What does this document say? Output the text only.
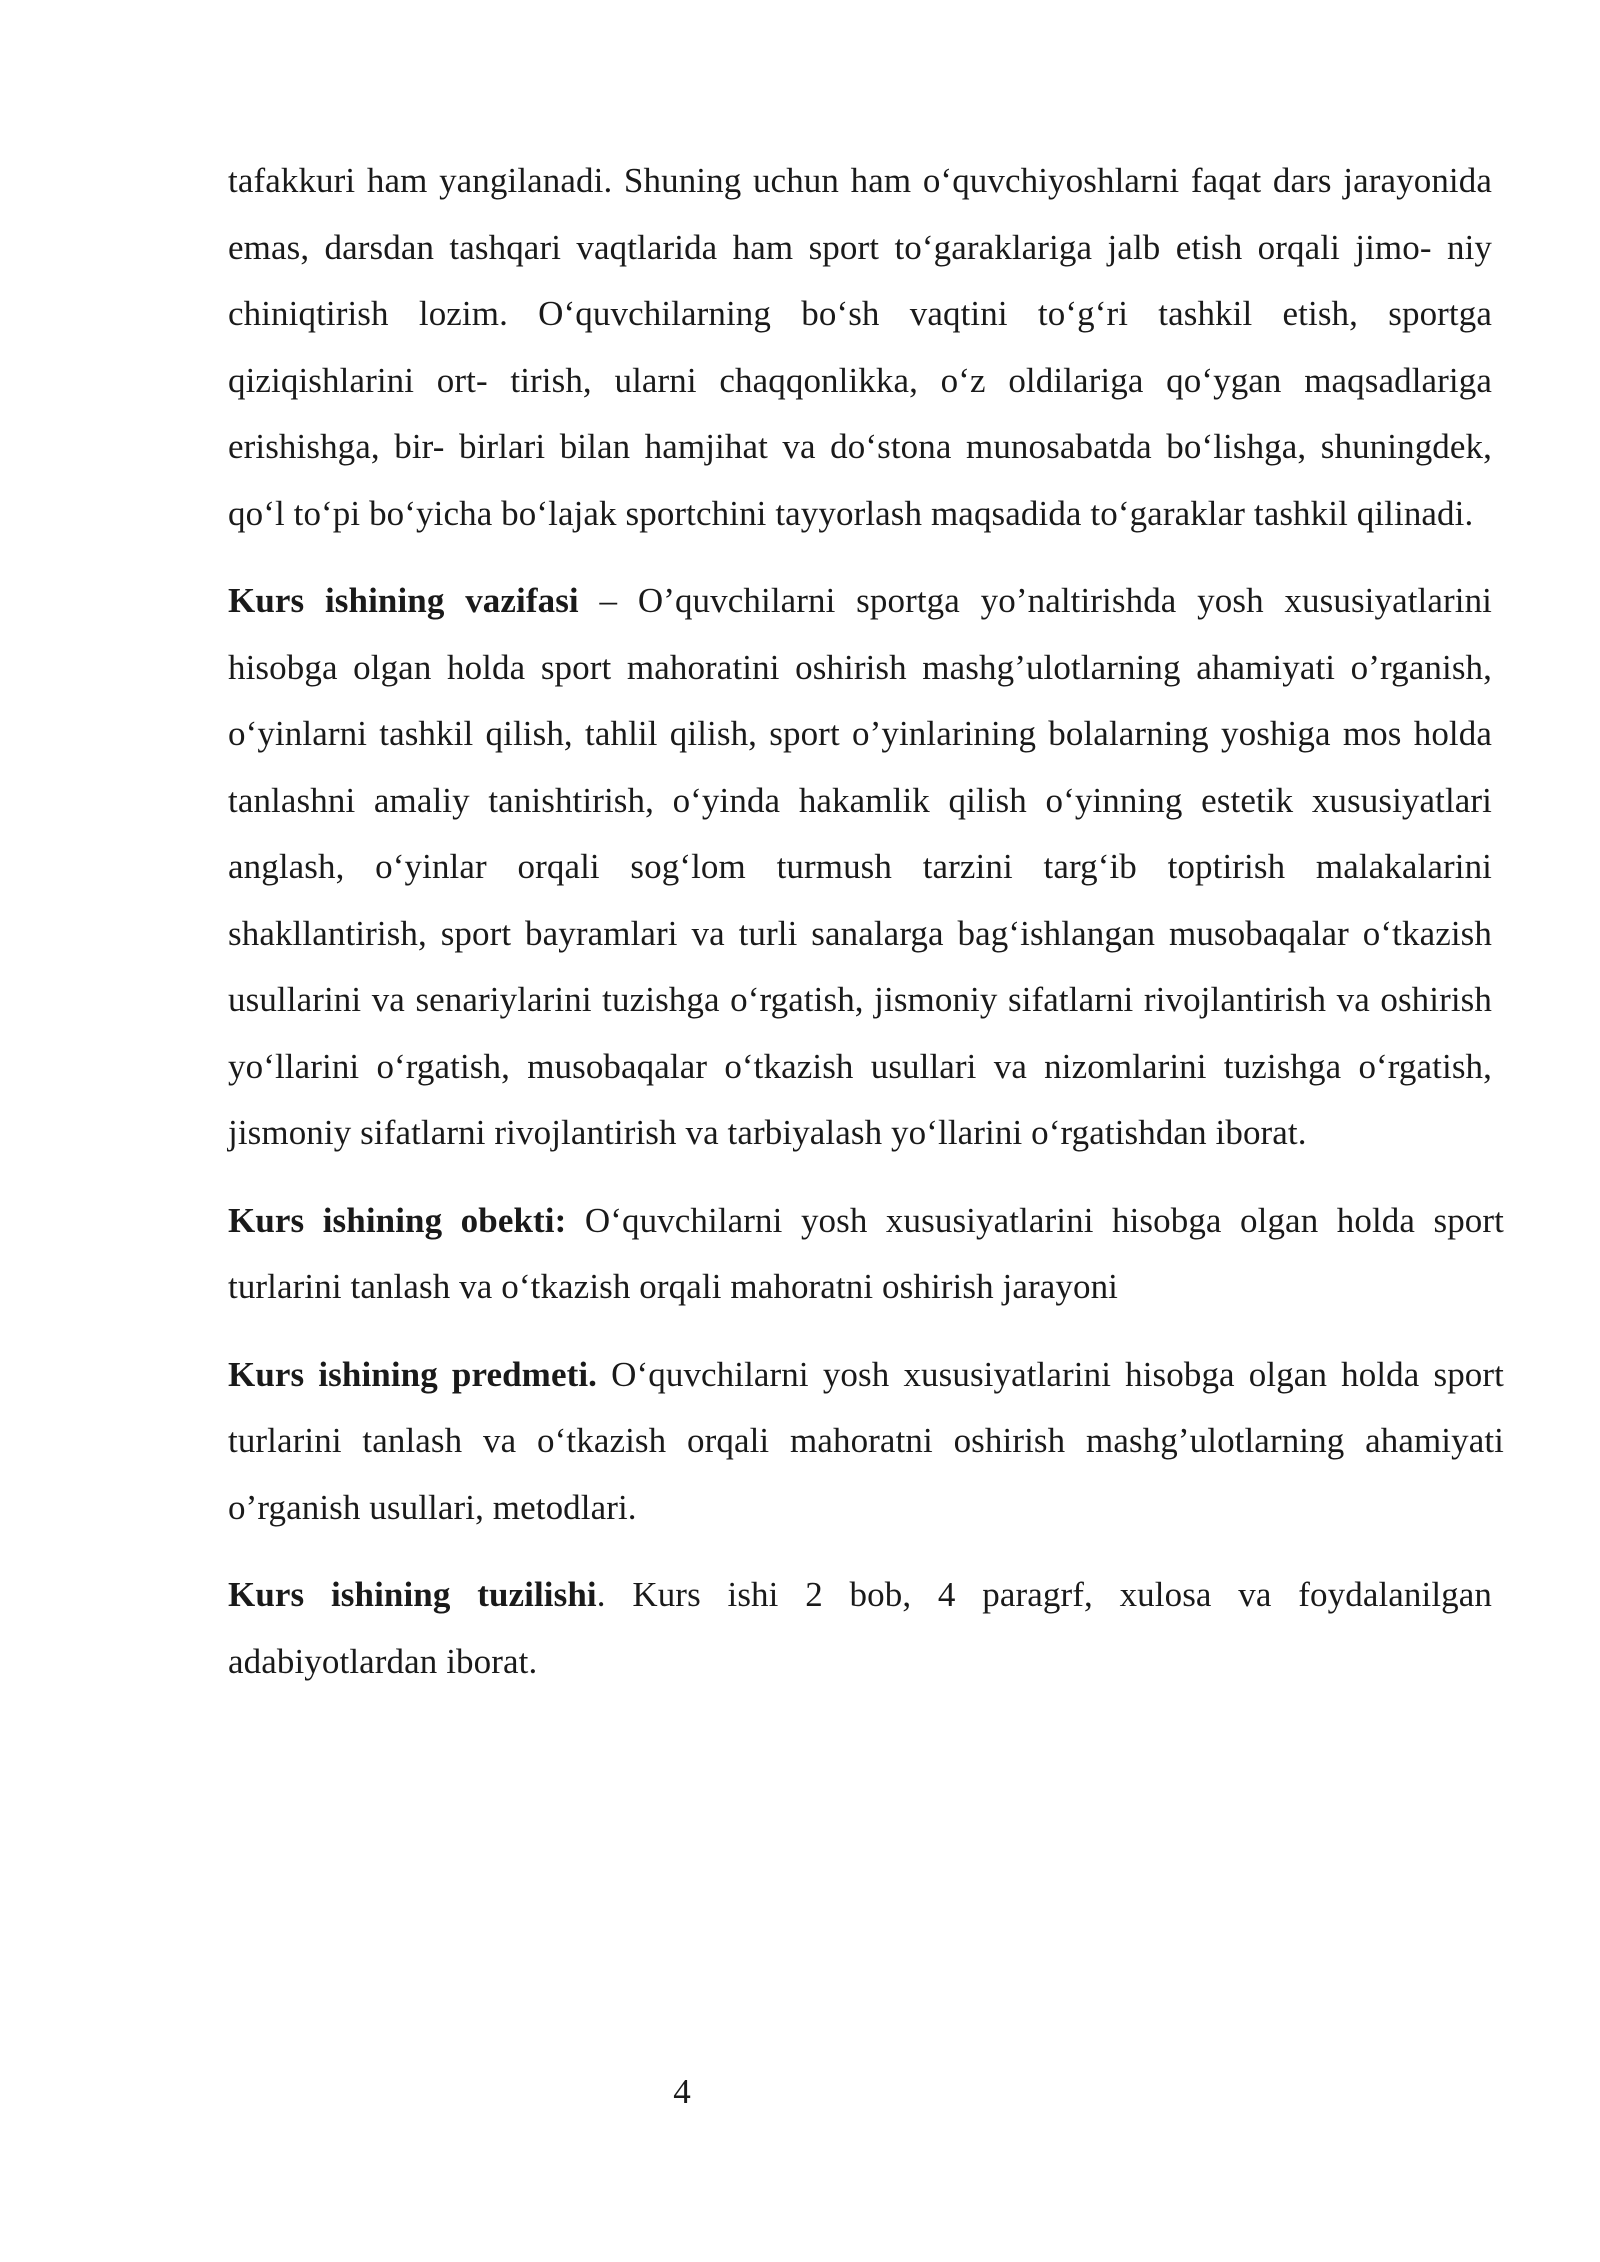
tafakkuri ham yangilanadi. Shuning uchun ham o‘quvchiyoshlarni faqat dars jarayonida emas, darsdan tashqari vaqtlarida ham sport to‘garaklariga jalb etish orqali jimo- niy chiniqtirish lozim. O‘quvchilarning bo‘sh vaqtini to‘g‘ri tashkil etish, sportga qiziqishlarini ort- tirish, ularni chaqqonlikka, o‘z oldilariga qo‘ygan maqsadlariga erishishga, bir- birlari bilan hamjihat va do‘stona munosabatda bo‘lishga, shuningdek, qo‘l to‘pi bo‘yicha bo‘lajak sportchini tayyorlash maqsadida to‘garaklar tashkil qilinadi.

Kurs ishining vazifasi – O’quvchilarni sportga yo’naltirishda yosh xususiyatlarini hisobga olgan holda sport mahoratini oshirish mashg’ulotlarning ahamiyati o’rganish, o‘yinlarni tashkil qilish, tahlil qilish, sport o’yinlarining bolalarning yoshiga mos holda tanlashni amaliy tanishtirish, o‘yinda hakamlik qilish o‘yinning estetik xususiyatlari anglash, o‘yinlar orqali sog‘lom turmush tarzini targ‘ib toptirish malakalarini shakllantirish, sport bayramlari va turli sanalarga bag‘ishlangan musobaqalar o‘tkazish usullarini va senariylarini tuzishga o‘rgatish, jismoniy sifatlarni rivojlantirish va oshirish yo‘llarini o‘rgatish, musobaqalar o‘tkazish usullari va nizomlarini tuzishga o‘rgatish, jismoniy sifatlarni rivojlantirish va tarbiyalash yo‘llarini o‘rgatishdan iborat.

Kurs ishining obekti: O‘quvchilarni yosh xususiyatlarini hisobga olgan holda sport turlarini tanlash va o‘tkazish orqali mahoratni oshirish jarayoni

Kurs ishining predmeti. O‘quvchilarni yosh xususiyatlarini hisobga olgan holda sport turlarini tanlash va o‘tkazish orqali mahoratni oshirish mashg’ulotlarning ahamiyati o’rganish usullari, metodlari.

Kurs ishining tuzilishi. Kurs ishi 2 bob, 4 paragrf, xulosa va foydalanilgan adabiyotlardan iborat.

4
